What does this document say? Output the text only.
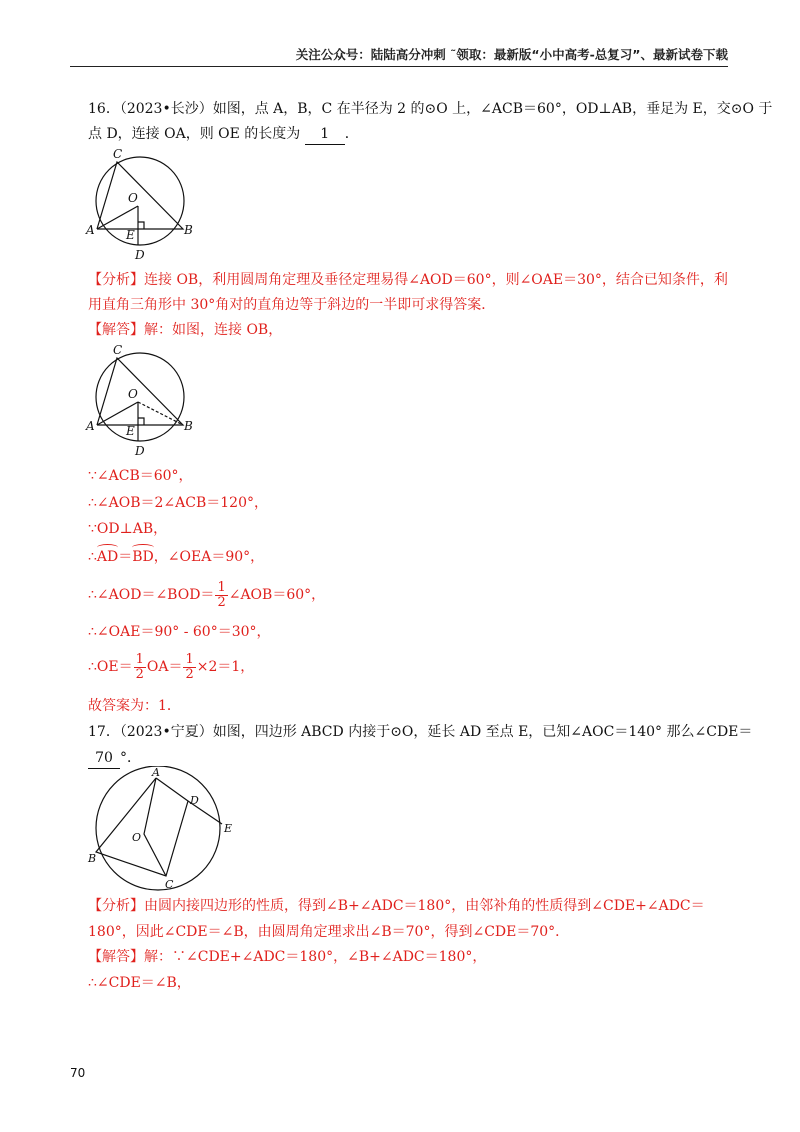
关注公众号：陆陆高分冲刺 ˜领取：最新版“小中高考-总复习”、最新试卷下载
16．（2023•长沙）如图，点 A，B，C 在半径为 2 的⊙O 上，∠ACB＝60°，OD⊥AB，垂足为 E，交⊙O 于
点 D，连接 OA，则 OE 的长度为 1 ．
C
O
A	B
E
D
【分析】连接 OB，利用圆周角定理及垂径定理易得∠AOD＝60°，则∠OAE＝30°，结合已知条件，利
用直角三角形中 30°角对的直角边等于斜边的一半即可求得答案．
【解答】解：如图，连接 OB，
C
O
A	B
E
D
∵∠ACB＝60°，
∴∠AOB＝2∠ACB＝120°，
∵OD⊥AB，
∴AD＝BD，∠OEA＝90°，
∴∠AOD＝∠BOD＝ $\frac{1}{2}$ ∠AOB＝60°，
∴∠OAE＝90° - 60°＝30°，
∴OE＝ $\frac{1}{2} OA= \frac{1}{2} \times 2=1$，
故答案为：1．
17．（2023•宁夏）如图，四边形 ABCD 内接于⊙O，延长 AD 至点 E，已知∠AOC＝140° 那么∠CDE＝
70 °．
A
D
E
O
B
C
【分析】由圆内接四边形的性质，得到∠B+∠ADC＝180°，由邻补角的性质得到∠CDE+∠ADC＝
180°，因此∠CDE＝∠B，由圆周角定理求出∠B＝70°，得到∠CDE＝70°．
【解答】解：∵∠CDE+∠ADC＝180°，∠B+∠ADC＝180°，
∴∠CDE＝∠B，
70
